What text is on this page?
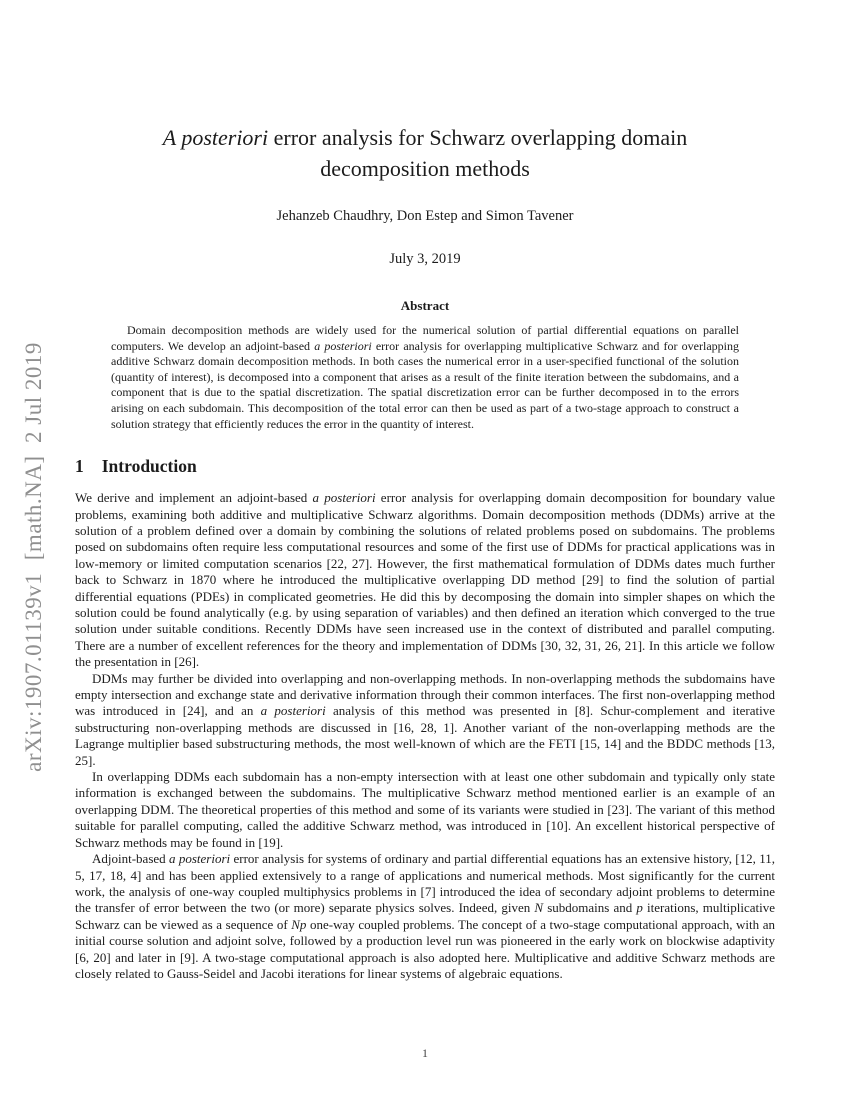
arXiv:1907.01139v1  [math.NA]  2 Jul 2019
A posteriori error analysis for Schwarz overlapping domain decomposition methods
Jehanzeb Chaudhry, Don Estep and Simon Tavener
July 3, 2019
Abstract
Domain decomposition methods are widely used for the numerical solution of partial differential equations on parallel computers. We develop an adjoint-based a posteriori error analysis for overlapping multiplicative Schwarz and for overlapping additive Schwarz domain decomposition methods. In both cases the numerical error in a user-specified functional of the solution (quantity of interest), is decomposed into a component that arises as a result of the finite iteration between the subdomains, and a component that is due to the spatial discretization. The spatial discretization error can be further decomposed in to the errors arising on each subdomain. This decomposition of the total error can then be used as part of a two-stage approach to construct a solution strategy that efficiently reduces the error in the quantity of interest.
1 Introduction

We derive and implement an adjoint-based a posteriori error analysis for overlapping domain decomposition for boundary value problems, examining both additive and multiplicative Schwarz algorithms. Domain decomposition methods (DDMs) arrive at the solution of a problem defined over a domain by combining the solutions of related problems posed on subdomains. The problems posed on subdomains often require less computational resources and some of the first use of DDMs for practical applications was in low-memory or limited computation scenarios [22, 27]. However, the first mathematical formulation of DDMs dates much further back to Schwarz in 1870 where he introduced the multiplicative overlapping DD method [29] to find the solution of partial differential equations (PDEs) in complicated geometries. He did this by decomposing the domain into simpler shapes on which the solution could be found analytically (e.g. by using separation of variables) and then defined an iteration which converged to the true solution under suitable conditions. Recently DDMs have seen increased use in the context of distributed and parallel computing. There are a number of excellent references for the theory and implementation of DDMs [30, 32, 31, 26, 21]. In this article we follow the presentation in [26].

DDMs may further be divided into overlapping and non-overlapping methods. In non-overlapping methods the subdomains have empty intersection and exchange state and derivative information through their common interfaces. The first non-overlapping method was introduced in [24], and an a posteriori analysis of this method was presented in [8]. Schur-complement and iterative substructuring non-overlapping methods are discussed in [16, 28, 1]. Another variant of the non-overlapping methods are the Lagrange multiplier based substructuring methods, the most well-known of which are the FETI [15, 14] and the BDDC methods [13, 25].

In overlapping DDMs each subdomain has a non-empty intersection with at least one other subdomain and typically only state information is exchanged between the subdomains. The multiplicative Schwarz method mentioned earlier is an example of an overlapping DDM. The theoretical properties of this method and some of its variants were studied in [23]. The variant of this method suitable for parallel computing, called the additive Schwarz method, was introduced in [10]. An excellent historical perspective of Schwarz methods may be found in [19].

Adjoint-based a posteriori error analysis for systems of ordinary and partial differential equations has an extensive history, [12, 11, 5, 17, 18, 4] and has been applied extensively to a range of applications and numerical methods. Most significantly for the current work, the analysis of one-way coupled multiphysics problems in [7] introduced the idea of secondary adjoint problems to determine the transfer of error between the two (or more) separate physics solves. Indeed, given N subdomains and p iterations, multiplicative Schwarz can be viewed as a sequence of Np one-way coupled problems. The concept of a two-stage computational approach, with an initial course solution and adjoint solve, followed by a production level run was pioneered in the early work on blockwise adaptivity [6, 20] and later in [9]. A two-stage computational approach is also adopted here. Multiplicative and additive Schwarz methods are closely related to Gauss-Seidel and Jacobi iterations for linear systems of algebraic equations.

1
